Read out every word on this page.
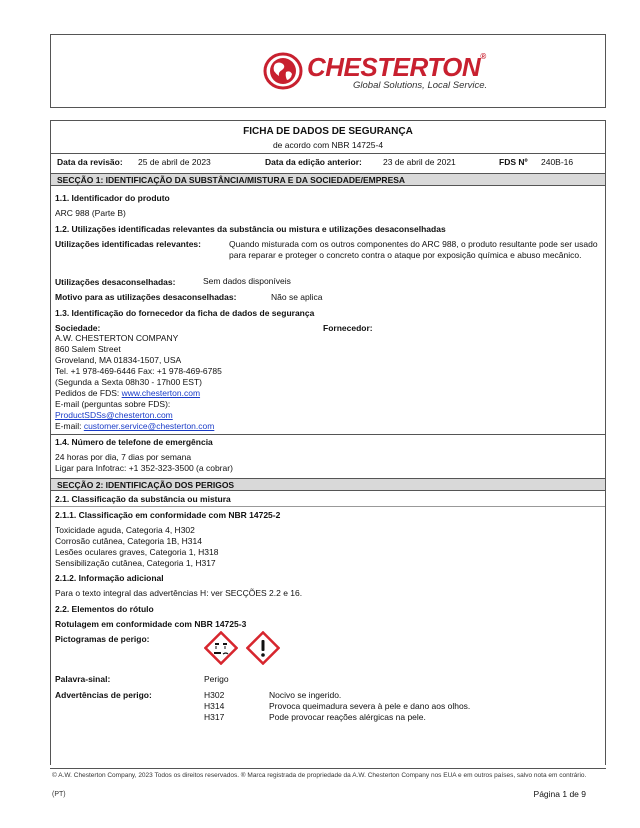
CHESTERTON®
Global Solutions, Local Service.
FICHA DE DADOS DE SEGURANÇA
de acordo com NBR 14725-4
Data da revisão: 25 de abril de 2023	Data da edição anterior: 23 de abril de 2021	FDS Nº 240B-16
SECÇÃO 1: IDENTIFICAÇÃO DA SUBSTÂNCIA/MISTURA E DA SOCIEDADE/EMPRESA
1.1. Identificador do produto
ARC 988 (Parte B)
1.2. Utilizações identificadas relevantes da substância ou mistura e utilizações desaconselhadas
Utilizações identificadas relevantes:	Quando misturada com os outros componentes do ARC 988, o produto resultante pode ser usado para reparar e proteger o concreto contra o ataque por exposição química e abuso mecânico.
Utilizações desaconselhadas:	Sem dados disponíveis
Motivo para as utilizações desaconselhadas:	Não se aplica
1.3. Identificação do fornecedor da ficha de dados de segurança
Sociedade:	Fornecedor:
A.W. CHESTERTON COMPANY
860 Salem Street
Groveland, MA 01834-1507, USA
Tel. +1 978-469-6446 Fax: +1 978-469-6785
(Segunda a Sexta 08h30 - 17h00 EST)
Pedidos de FDS: www.chesterton.com
E-mail (perguntas sobre FDS):
ProductSDSs@chesterton.com
E-mail: customer.service@chesterton.com
1.4. Número de telefone de emergência
24 horas por dia, 7 dias por semana
Ligar para Infotrac: +1 352-323-3500 (a cobrar)
SECÇÃO 2: IDENTIFICAÇÃO DOS PERIGOS
2.1. Classificação da substância ou mistura
2.1.1. Classificação em conformidade com NBR 14725-2
Toxicidade aguda, Categoria 4, H302
Corrosão cutânea, Categoria 1B, H314
Lesões oculares graves, Categoria 1, H318
Sensibilização cutânea, Categoria 1, H317
2.1.2. Informação adicional
Para o texto integral das advertências H: ver SECÇÕES 2.2 e 16.
2.2. Elementos do rótulo
Rotulagem em conformidade com NBR 14725-3
Pictogramas de perigo:
Palavra-sinal:	Perigo
Advertências de perigo:	H302	Nocivo se ingerido.
H314	Provoca queimadura severa à pele e dano aos olhos.
H317	Pode provocar reações alérgicas na pele.
© A.W. Chesterton Company, 2023 Todos os direitos reservados. ® Marca registrada de propriedade da A.W. Chesterton Company nos EUA e em outros países, salvo nota em contrário.
(PT)	Página 1 de 9
